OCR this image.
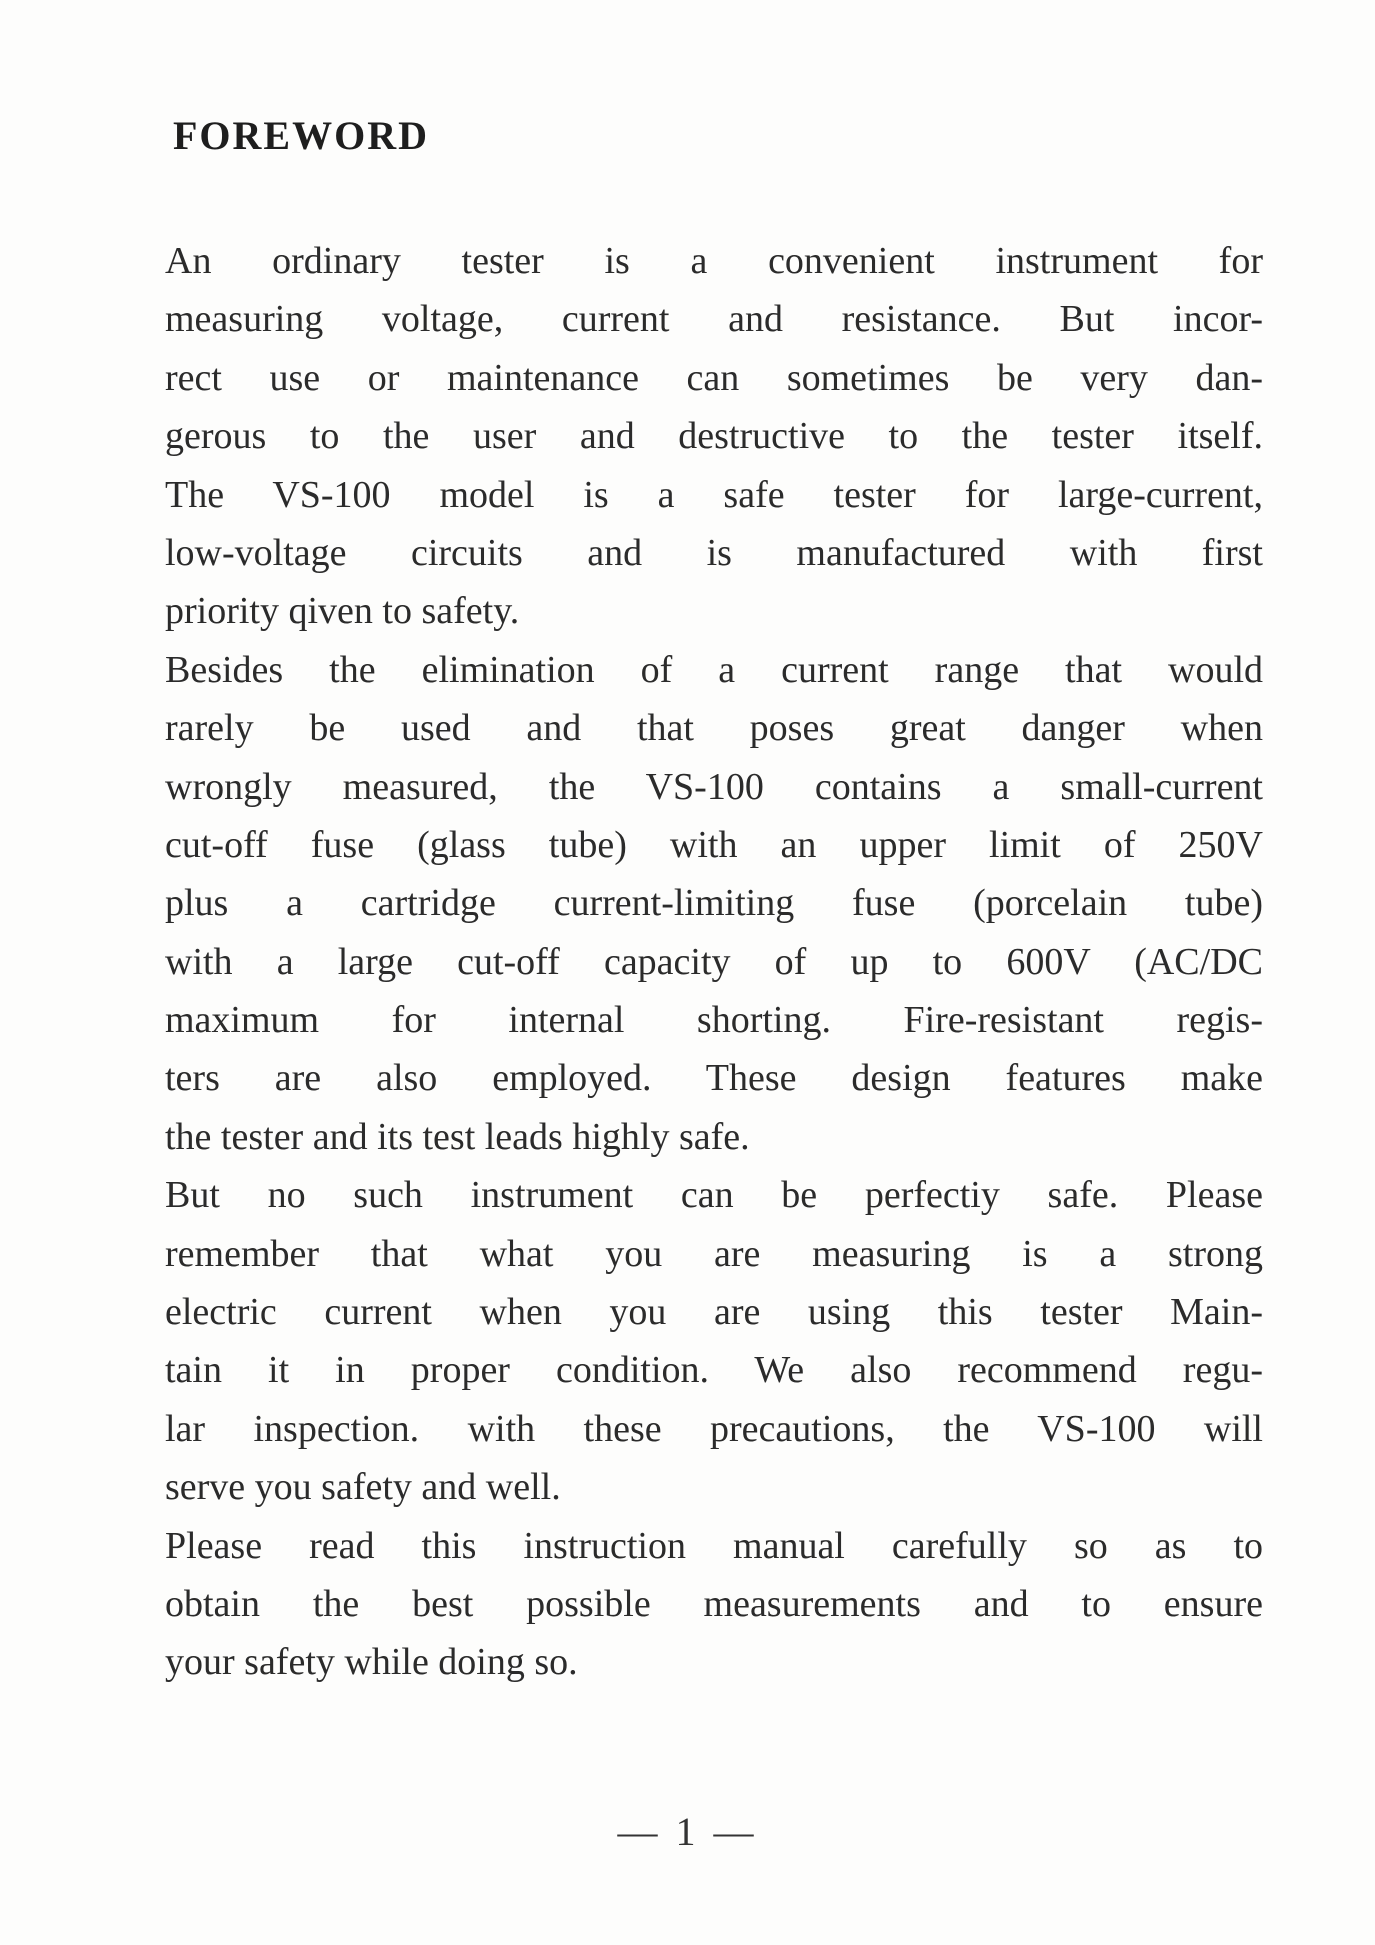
FOREWORD
An ordinary tester is a convenient instrument for
measuring voltage, current and resistance. But incor-
rect use or maintenance can sometimes be very dan-
gerous to the user and destructive to the tester itself.
The VS-100 model is a safe tester for large-current,
low-voltage circuits and is manufactured with first
priority qiven to safety.
Besides the elimination of a current range that would
rarely be used and that poses great danger when
wrongly measured, the VS-100 contains a small-current
cut-off fuse (glass tube) with an upper limit of 250V
plus a cartridge current-limiting fuse (porcelain tube)
with a large cut-off capacity of up to 600V (AC/DC
maximum for internal shorting. Fire-resistant regis-
ters are also employed. These design features make
the tester and its test leads highly safe.
But no such instrument can be perfectiy safe. Please
remember that what you are measuring is a strong
electric current when you are using this tester Main-
tain it in proper condition. We also recommend regu-
lar inspection. with these precautions, the VS-100 will
serve you safety and well.
Please read this instruction manual carefully so as to
obtain the best possible measurements and to ensure
your safety while doing so.
— 1 —
